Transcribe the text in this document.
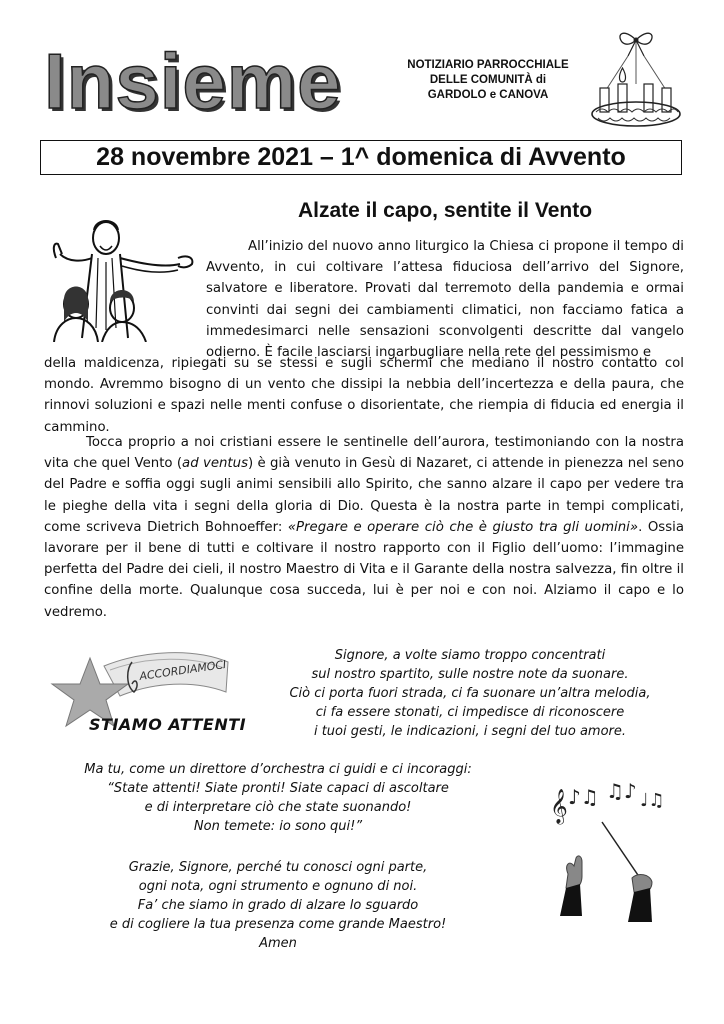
Insieme	NOTIZIARIO PARROCCHIALE
DELLE COMUNITÀ di
GARDOLO e CANOVA
28 novembre 2021 – 1^ domenica di Avvento
Alzate il capo, sentite il Vento
All’inizio del nuovo anno liturgico la Chiesa ci propone il tempo di Avvento, in cui coltivare l’attesa fiduciosa dell’arrivo del Signore, salvatore e liberatore. Provati dal terremoto della pandemia e ormai convinti dai segni dei cambiamenti climatici, non facciamo fatica a immedesimarci nelle sensazioni sconvolgenti descritte dal vangelo odierno. È facile lasciarsi ingarbugliare nella rete del pessimismo e
della maldicenza, ripiegati su se stessi e sugli schermi che mediano il nostro contatto col mondo. Avremmo bisogno di un vento che dissipi la nebbia dell’incertezza e della paura, che rinnovi soluzioni e spazi nelle menti confuse o disorientate, che riempia di fiducia ed energia il cammino.
Tocca proprio a noi cristiani essere le sentinelle dell’aurora, testimoniando con la nostra vita che quel Vento (ad ventus) è già venuto in Gesù di Nazaret, ci attende in pienezza nel seno del Padre e soffia oggi sugli animi sensibili allo Spirito, che sanno alzare il capo per vedere tra le pieghe della vita i segni della gloria di Dio. Questa è la nostra parte in tempi complicati, come scriveva Dietrich Bohnoeffer: «Pregare e operare ciò che è giusto tra gli uomini». Ossia lavorare per il bene di tutti e coltivare il nostro rapporto con il Figlio dell’uomo: l’immagine perfetta del Padre dei cieli, il nostro Maestro di Vita e il Garante della nostra salvezza, fin oltre il confine della morte. Qualunque cosa succeda, lui è per noi e con noi. Alziamo il capo e lo vedremo.
ACCORDIAMOCI
STIAMO ATTENTI
Signore, a volte siamo troppo concentrati
sul nostro spartito, sulle nostre note da suonare.
Ciò ci porta fuori strada, ci fa suonare un’altra melodia,
ci fa essere stonati, ci impedisce di riconoscere
i tuoi gesti, le indicazioni, i segni del tuo amore.
Ma tu, come un direttore d’orchestra ci guidi e ci incoraggi:
“State attenti! Siate pronti! Siate capaci di ascoltare
e di interpretare ciò che state suonando!
Non temete: io sono qui!”
Grazie, Signore, perché tu conosci ogni parte,
ogni nota, ogni strumento e ognuno di noi.
Fa’ che siamo in grado di alzare lo sguardo
e di cogliere la tua presenza come grande Maestro!
Amen
𝄞 ♪♫ ♫♪ ♩♫
